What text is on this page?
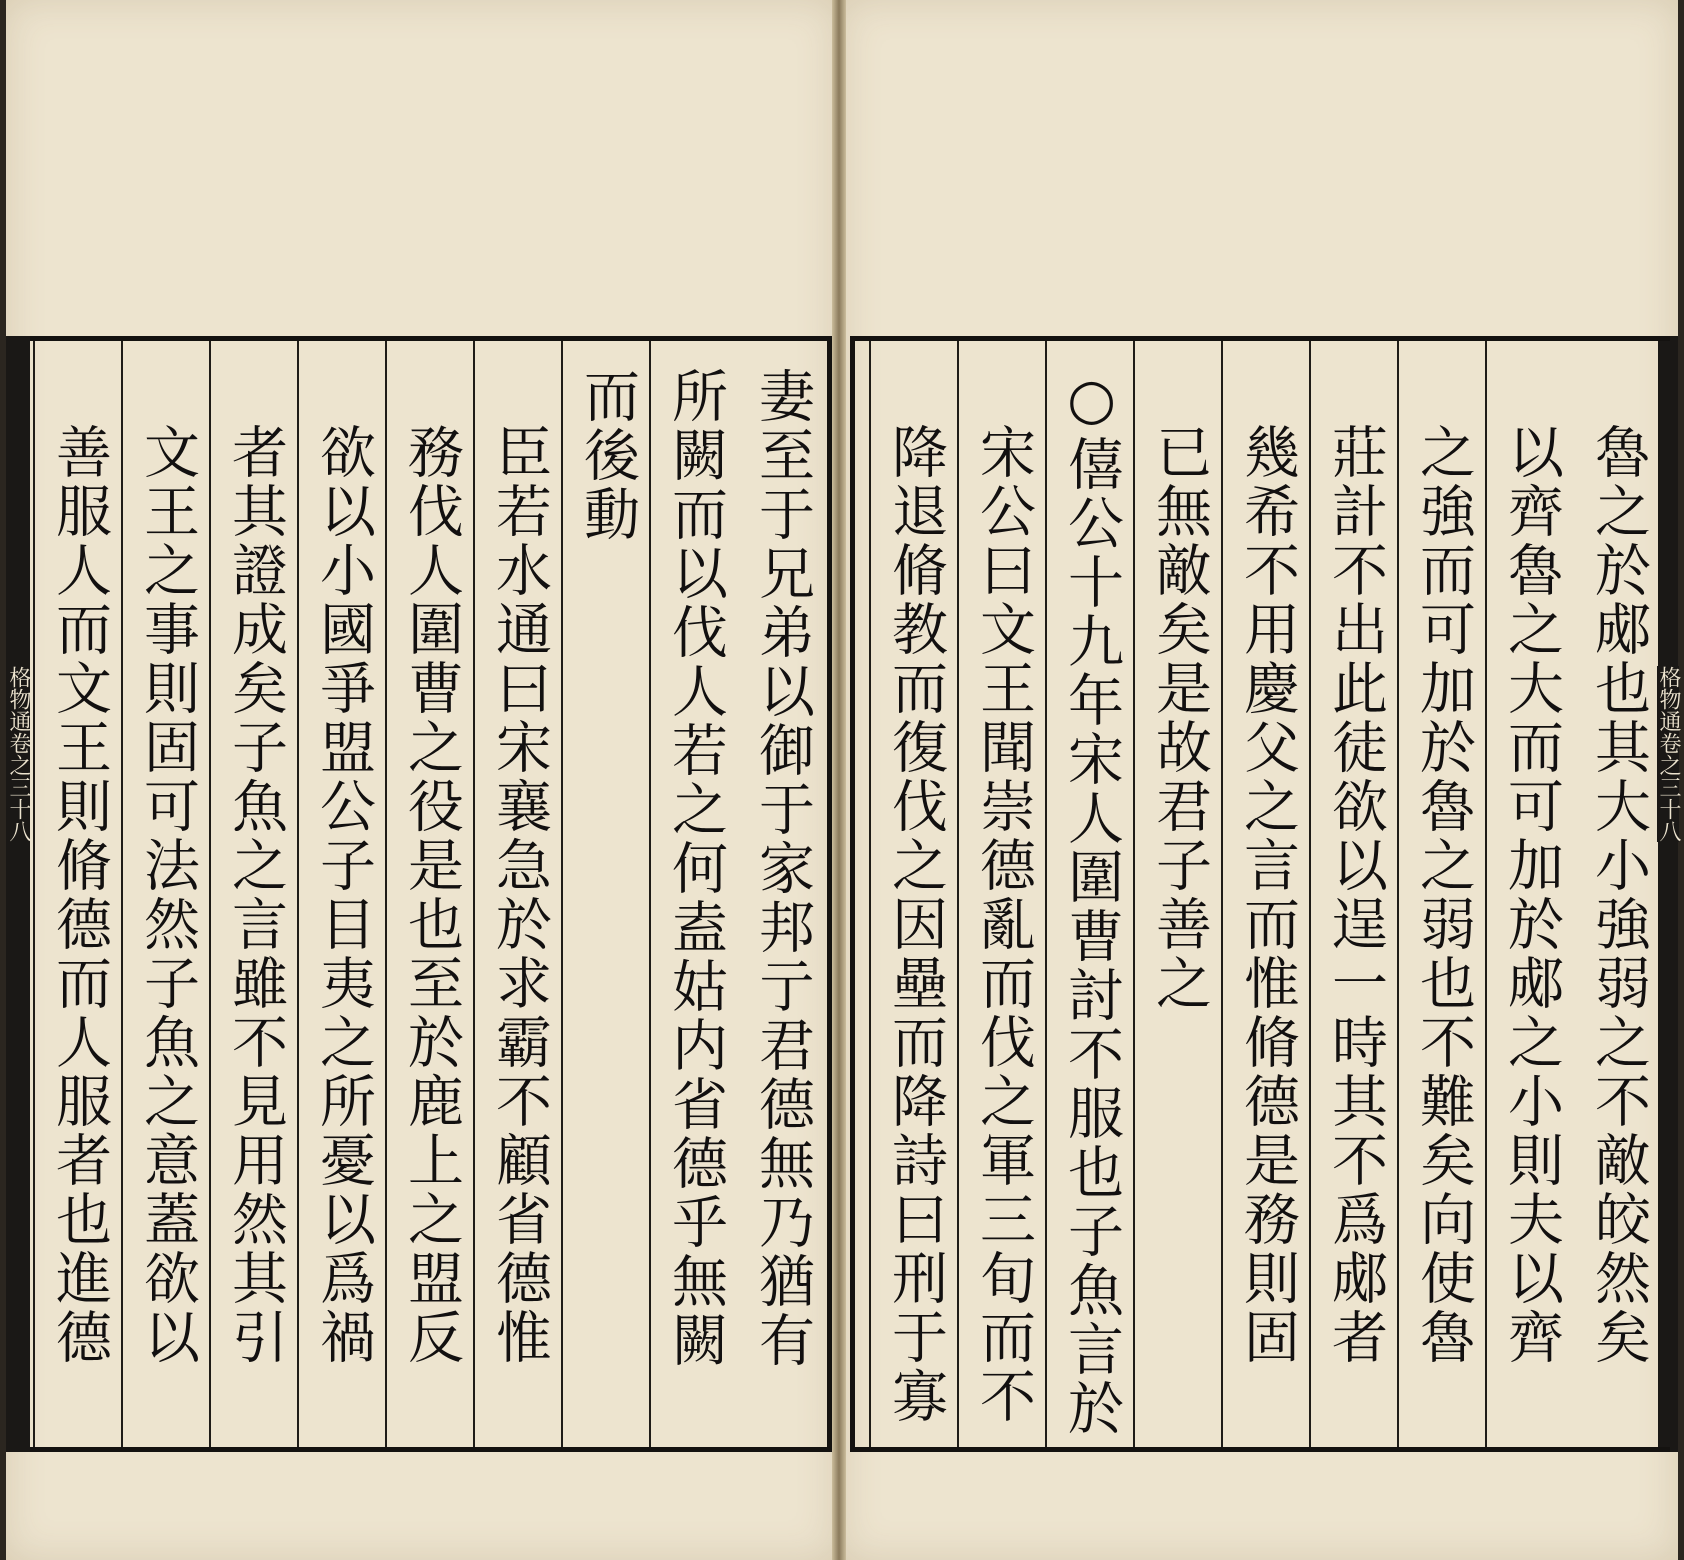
格物通卷之三十八	格物通卷之三十八
妻至于兄弟以御于家邦亍君德無乃猶有
所闕而以伐人若之何盍姑内省德乎無闕
而後動
臣若水通曰宋襄急於求霸不顧省德惟
務伐人圍曹之役是也至於鹿上之盟反
欲以小國爭盟公子目夷之所憂以爲禍
者其證成矣子魚之言雖不見用然其引
文王之事則固可法然子魚之意蓋欲以
善服人而文王則脩德而人服者也進德	魯之於郕也其大小強弱之不敵皎然矣
以齊魯之大而可加於郕之小則夫以齊
之強而可加於魯之弱也不難矣向使魯
莊計不出此徒欲以逞一時其不爲郕者
幾希不用慶父之言而惟脩德是務則固
已無敵矣是故君子善之
○僖公十九年宋人圍曹討不服也子魚言於
宋公曰文王聞崇德亂而伐之軍三旬而不
降退脩教而復伐之因壘而降詩曰刑于寡
